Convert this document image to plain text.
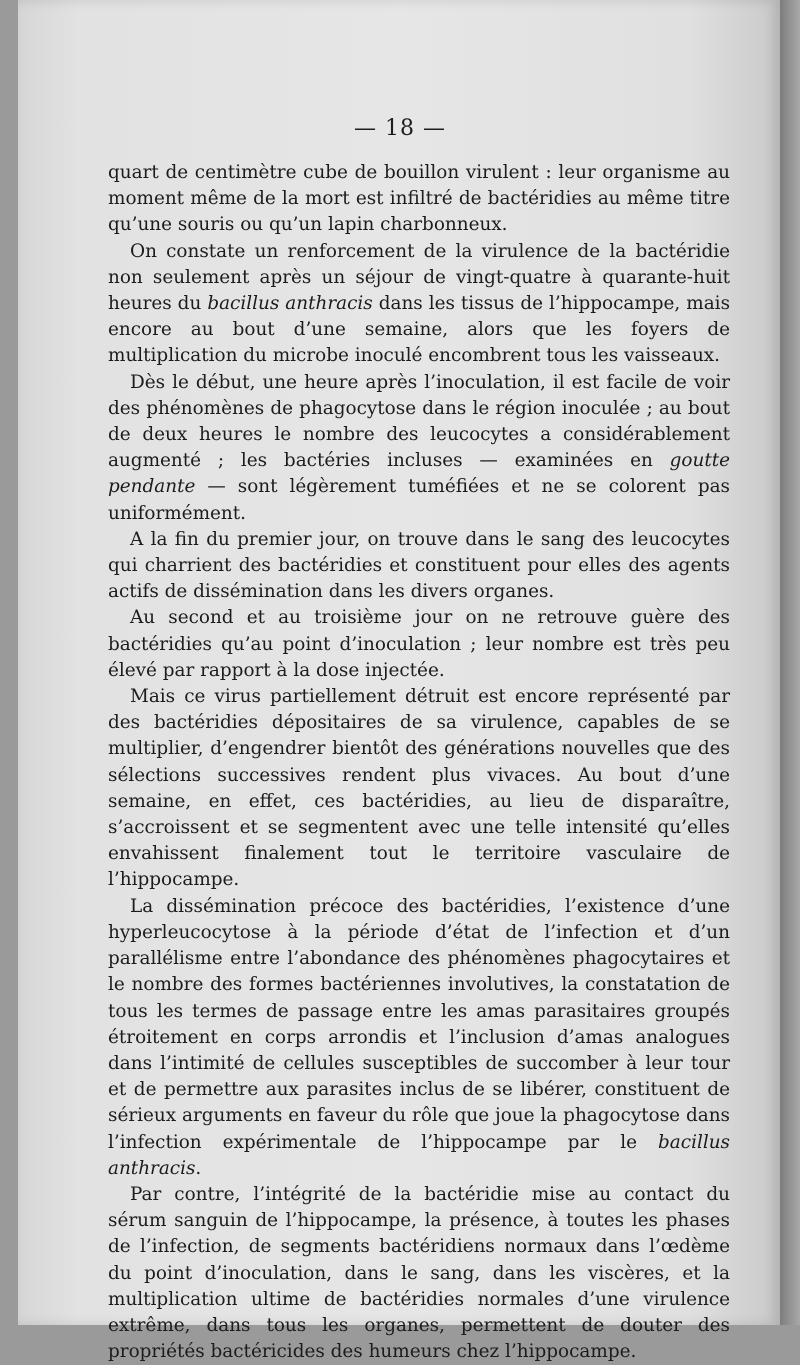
— 18 —

quart de centimètre cube de bouillon virulent : leur organisme au moment même de la mort est infiltré de bactéridies au même titre qu’une souris ou qu’un lapin charbonneux.

On constate un renforcement de la virulence de la bactéridie non seulement après un séjour de vingt-quatre à quarante-huit heures du bacillus anthracis dans les tissus de l’hippocampe, mais encore au bout d’une semaine, alors que les foyers de multiplication du microbe inoculé encombrent tous les vaisseaux.

Dès le début, une heure après l’inoculation, il est facile de voir des phénomènes de phagocytose dans le région inoculée ; au bout de deux heures le nombre des leucocytes a considérablement augmenté ; les bactéries incluses — examinées en goutte pendante — sont légèrement tuméfiées et ne se colorent pas uniformément.

A la fin du premier jour, on trouve dans le sang des leucocytes qui charrient des bactéridies et constituent pour elles des agents actifs de dissémination dans les divers organes.

Au second et au troisième jour on ne retrouve guère des bactéridies qu’au point d’inoculation ; leur nombre est très peu élevé par rapport à la dose injectée.

Mais ce virus partiellement détruit est encore représenté par des bactéridies dépositaires de sa virulence, capables de se multiplier, d’engendrer bientôt des générations nouvelles que des sélections successives rendent plus vivaces. Au bout d’une semaine, en effet, ces bactéridies, au lieu de disparaître, s’accroissent et se segmentent avec une telle intensité qu’elles envahissent finalement tout le territoire vasculaire de l’hippocampe.

La dissémination précoce des bactéridies, l’existence d’une hyperleucocytose à la période d’état de l’infection et d’un parallélisme entre l’abondance des phénomènes phagocytaires et le nombre des formes bactériennes involutives, la constatation de tous les termes de passage entre les amas parasitaires groupés étroitement en corps arrondis et l’inclusion d’amas analogues dans l’intimité de cellules susceptibles de succomber à leur tour et de permettre aux parasites inclus de se libérer, constituent de sérieux arguments en faveur du rôle que joue la phagocytose dans l’infection expérimentale de l’hippocampe par le bacillus anthracis.

Par contre, l’intégrité de la bactéridie mise au contact du sérum sanguin de l’hippocampe, la présence, à toutes les phases de l’infection, de segments bactéridiens normaux dans l’œdème du point d’inoculation, dans le sang, dans les viscères, et la multiplication ultime de bactéridies normales d’une virulence extrême, dans tous les organes, permettent de douter des propriétés bactéricides des humeurs chez l’hippocampe.
